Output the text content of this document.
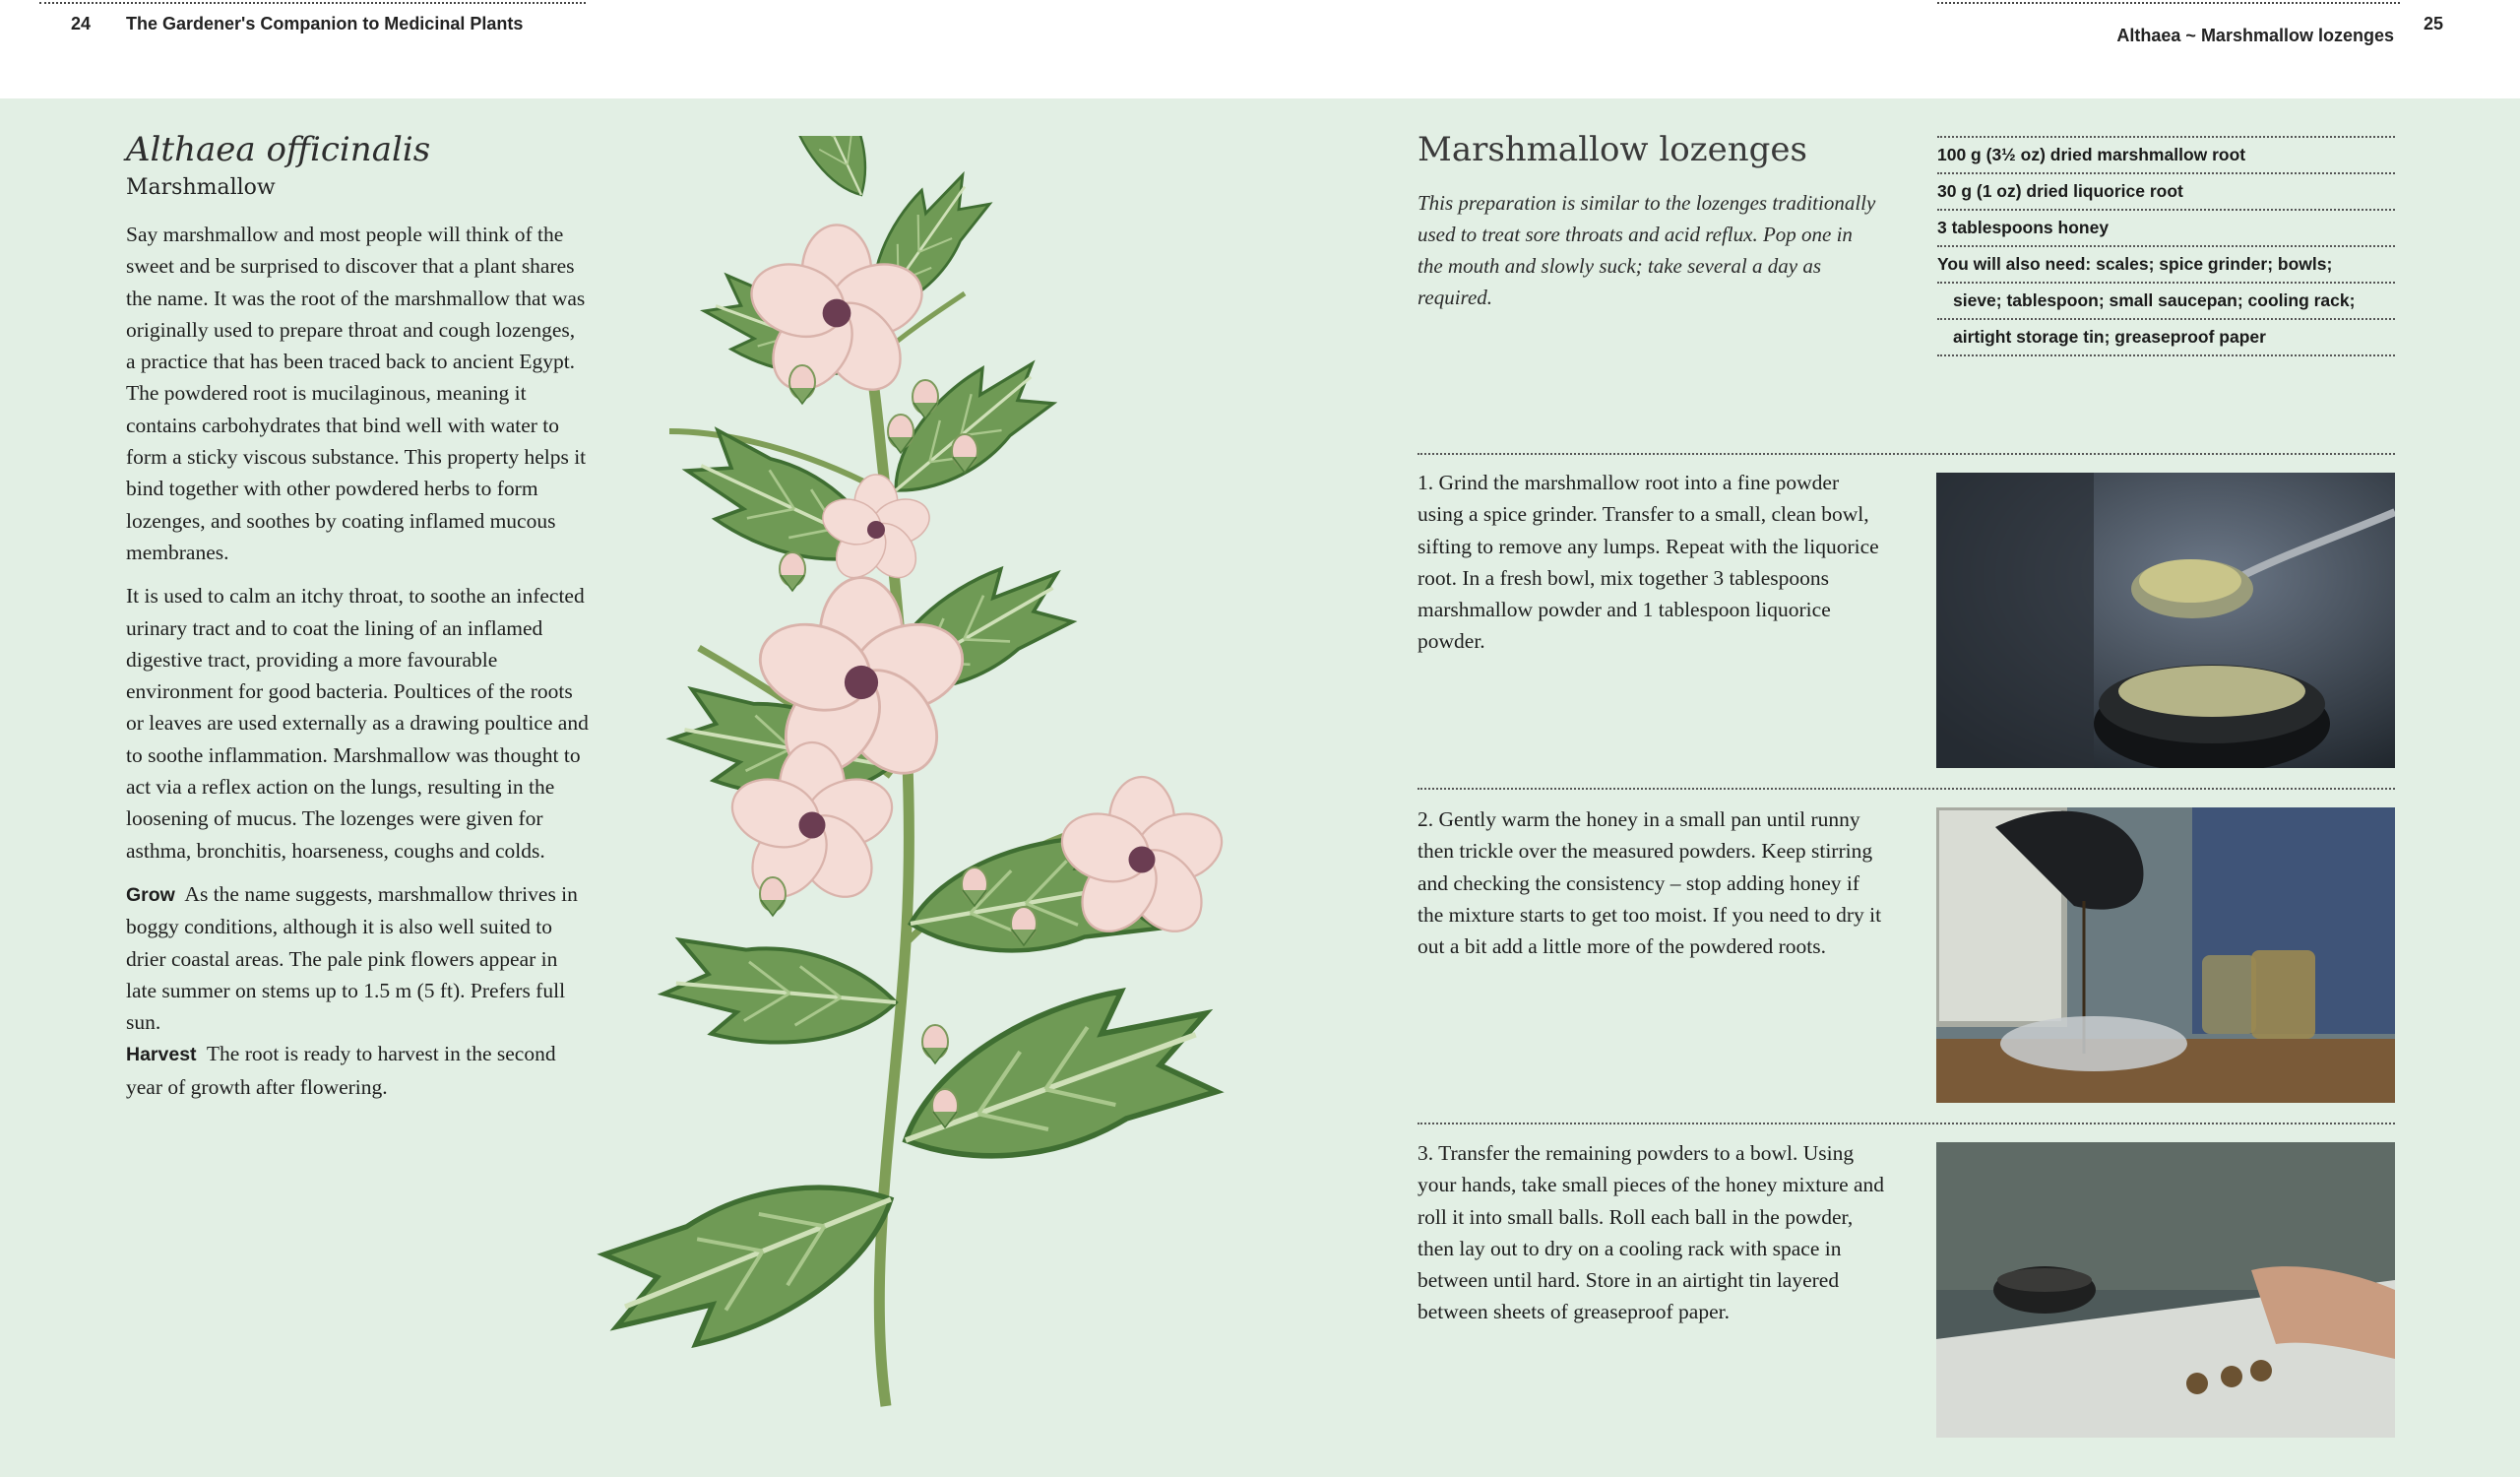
24 The Gardener's Companion to Medicinal Plants
Althaea ~ Marshmallow lozenges
25
Althaea officinalis
Marshmallow

Say marshmallow and most people will think of the sweet and be surprised to discover that a plant shares the name. It was the root of the marshmallow that was originally used to prepare throat and cough lozenges, a practice that has been traced back to ancient Egypt. The powdered root is mucilaginous, meaning it contains carbohydrates that bind well with water to form a sticky viscous substance. This property helps it bind together with other powdered herbs to form lozenges, and soothes by coating inflamed mucous membranes.

It is used to calm an itchy throat, to soothe an infected urinary tract and to coat the lining of an inflamed digestive tract, providing a more favourable environment for good bacteria. Poultices of the roots or leaves are used externally as a drawing poultice and to soothe inflammation. Marshmallow was thought to act via a reflex action on the lungs, resulting in the loosening of mucus. The lozenges were given for asthma, bronchitis, hoarseness, coughs and colds.

Grow As the name suggests, marshmallow thrives in boggy conditions, although it is also well suited to drier coastal areas. The pale pink flowers appear in late summer on stems up to 1.5 m (5 ft). Prefers full sun.
Harvest The root is ready to harvest in the second year of growth after flowering.

Marshmallow lozenges
This preparation is similar to the lozenges traditionally used to treat sore throats and acid reflux. Pop one in the mouth and slowly suck; take several a day as required.
100 g (3½ oz) dried marshmallow root
30 g (1 oz) dried liquorice root
3 tablespoons honey
You will also need: scales; spice grinder; bowls;
sieve; tablespoon; small saucepan; cooling rack;
airtight storage tin; greaseproof paper
1. Grind the marshmallow root into a fine powder using a spice grinder. Transfer to a small, clean bowl, sifting to remove any lumps. Repeat with the liquorice root. In a fresh bowl, mix together 3 tablespoons marshmallow powder and 1 tablespoon liquorice powder.
2. Gently warm the honey in a small pan until runny then trickle over the measured powders. Keep stirring and checking the consistency – stop adding honey if the mixture starts to get too moist. If you need to dry it out a bit add a little more of the powdered roots.
3. Transfer the remaining powders to a bowl. Using your hands, take small pieces of the honey mixture and roll it into small balls. Roll each ball in the powder, then lay out to dry on a cooling rack with space in between until hard. Store in an airtight tin layered between sheets of greaseproof paper.
